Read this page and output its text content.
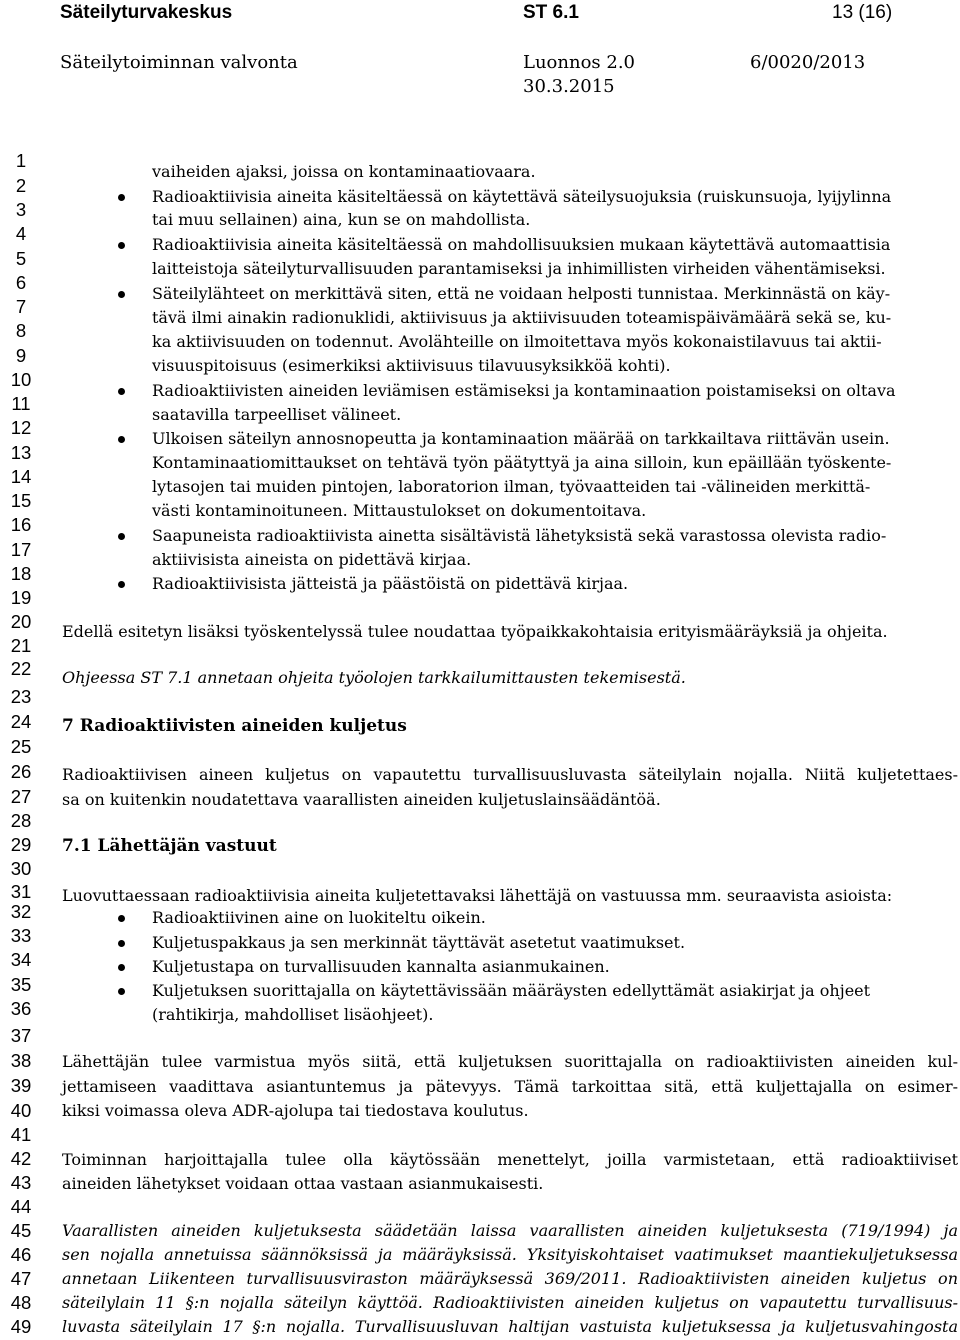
Säteilyturvakeskus	ST 6.1	13 (16)
Säteilytoiminnan valvonta	Luonnos 2.0
30.3.2015
6/0020/2013
1
2
3
4
5
6
7
8
9
10
11
12
13
14
15
16
17
18
19
20
21
22
23
24
25
26
27
28
29
30
31
32
33
34
35
36
37
38
39
40
41
42
43
44
45
46
47
48
49
vaiheiden ajaksi, joissa on kontaminaatiovaara.
Radioaktiivisia aineita käsiteltäessä on käytettävä säteilysuojuksia (ruiskunsuoja, lyijylinna
tai muu sellainen) aina, kun se on mahdollista.
Radioaktiivisia aineita käsiteltäessä on mahdollisuuksien mukaan käytettävä automaattisia
laitteistoja säteilyturvallisuuden parantamiseksi ja inhimillisten virheiden vähentämiseksi.
Säteilylähteet on merkittävä siten, että ne voidaan helposti tunnistaa. Merkinnästä on käy-
tävä ilmi ainakin radionuklidi, aktiivisuus ja aktiivisuuden toteamispäivämäärä sekä se, ku-
ka aktiivisuuden on todennut. Avolähteille on ilmoitettava myös kokonaistilavuus tai aktii-
visuuspitoisuus (esimerkiksi aktiivisuus tilavuusyksikköä kohti).
Radioaktiivisten aineiden leviämisen estämiseksi ja kontaminaation poistamiseksi on oltava
saatavilla tarpeelliset välineet.
Ulkoisen säteilyn annosnopeutta ja kontaminaation määrää on tarkkailtava riittävän usein.
Kontaminaatiomittaukset on tehtävä työn päätyttyä ja aina silloin, kun epäillään työskente-
lytasojen tai muiden pintojen, laboratorion ilman, työvaatteiden tai -välineiden merkittä-
västi kontaminoituneen. Mittaustulokset on dokumentoitava.
Saapuneista radioaktiivista ainetta sisältävistä lähetyksistä sekä varastossa olevista radio-
aktiivisista aineista on pidettävä kirjaa.
Radioaktiivisista jätteistä ja päästöistä on pidettävä kirjaa.
Edellä esitetyn lisäksi työskentelyssä tulee noudattaa työpaikkakohtaisia erityismääräyksiä ja ohjeita.
Ohjeessa ST 7.1 annetaan ohjeita työolojen tarkkailumittausten tekemisestä.
7 Radioaktiivisten aineiden kuljetus
Radioaktiivisen aineen kuljetus on vapautettu turvallisuusluvasta säteilylain nojalla. Niitä kuljetettaes-
sa on kuitenkin noudatettava vaarallisten aineiden kuljetuslainsäädäntöä.
7.1 Lähettäjän vastuut
Luovuttaessaan radioaktiivisia aineita kuljetettavaksi lähettäjä on vastuussa mm. seuraavista asioista:
Radioaktiivinen aine on luokiteltu oikein.
Kuljetuspakkaus ja sen merkinnät täyttävät asetetut vaatimukset.
Kuljetustapa on turvallisuuden kannalta asianmukainen.
Kuljetuksen suorittajalla on käytettävissään määräysten edellyttämät asiakirjat ja ohjeet
(rahtikirja, mahdolliset lisäohjeet).
Lähettäjän tulee varmistua myös siitä, että kuljetuksen suorittajalla on radioaktiivisten aineiden kul-
jettamiseen vaadittava asiantuntemus ja pätevyys. Tämä tarkoittaa sitä, että kuljettajalla on esimer-
kiksi voimassa oleva ADR-ajolupa tai tiedostava koulutus.
Toiminnan harjoittajalla tulee olla käytössään menettelyt, joilla varmistetaan, että radioaktiiviset
aineiden lähetykset voidaan ottaa vastaan asianmukaisesti.
Vaarallisten aineiden kuljetuksesta säädetään laissa vaarallisten aineiden kuljetuksesta (719/1994) ja
sen nojalla annetuissa säännöksissä ja määräyksissä. Yksityiskohtaiset vaatimukset maantiekuljetuksessa
annetaan Liikenteen turvallisuusviraston määräyksessä 369/2011. Radioaktiivisten aineiden kuljetus on
säteilylain 11 §:n nojalla säteilyn käyttöä. Radioaktiivisten aineiden kuljetus on vapautettu turvallisuus-
luvasta säteilylain 17 §:n nojalla. Turvallisuusluvan haltijan vastuista kuljetuksessa ja kuljetusvahingosta
